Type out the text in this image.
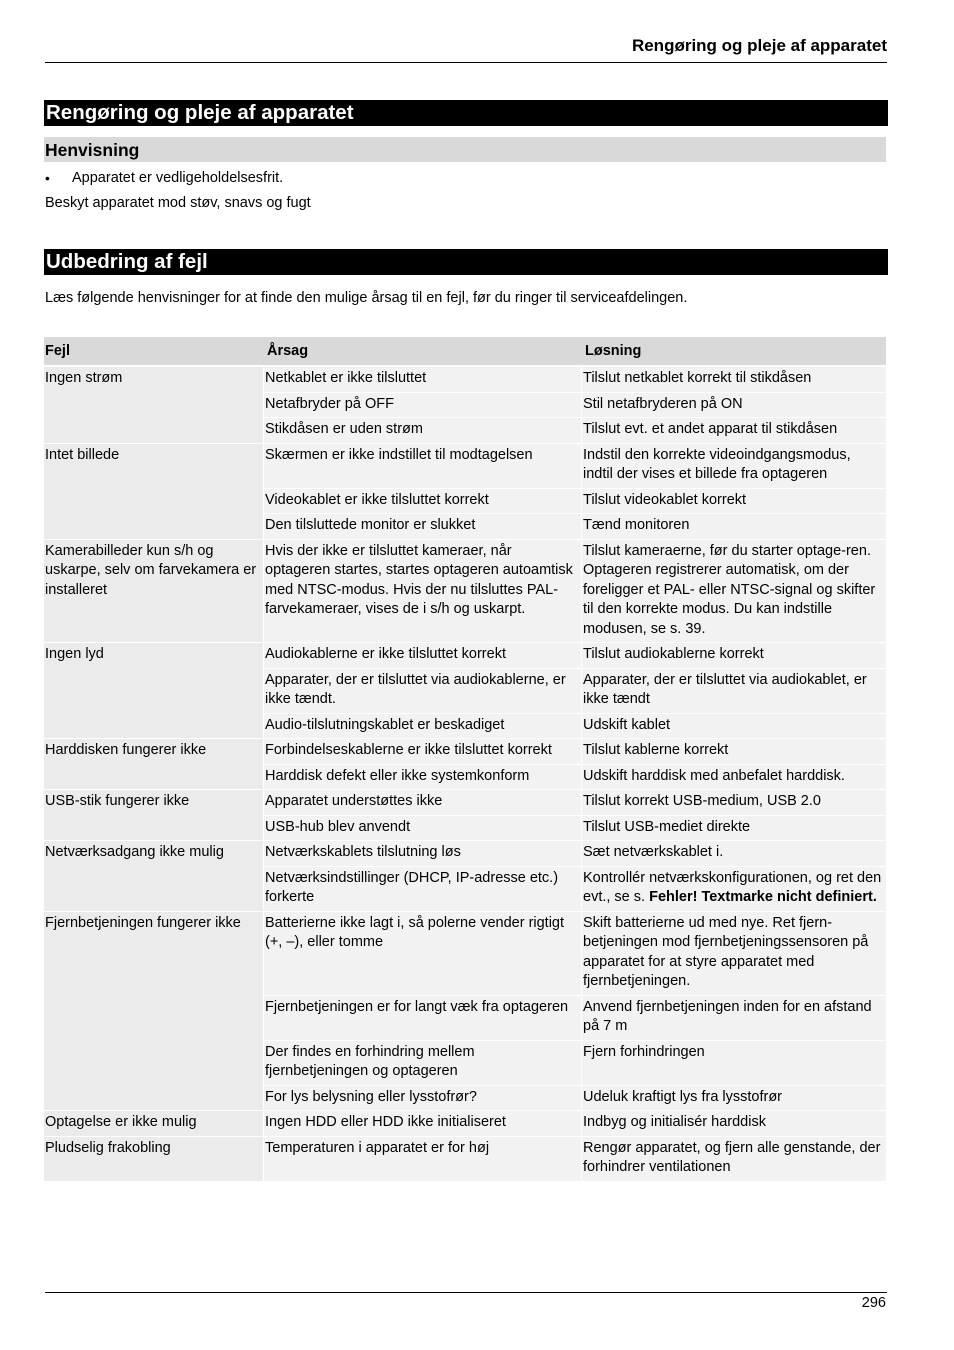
Rengøring og pleje af apparatet
Rengøring og pleje af apparatet
Henvisning
• Apparatet er vedligeholdelsesfrit.
Beskyt apparatet mod støv, snavs og fugt
Udbedring af fejl
Læs følgende henvisninger for at finde den mulige årsag til en fejl, før du ringer til serviceafdelingen.
Fejl	Årsag	Løsning
Ingen strøm	Netkablet er ikke tilsluttet	Tilslut netkablet korrekt til stikdåsen
	Netafbryder på OFF	Stil netafbryderen på ON
	Stikdåsen er uden strøm	Tilslut evt. et andet apparat til stikdåsen
Intet billede	Skærmen er ikke indstillet til modtagelsen	Indstil den korrekte videoindgangsmodus, indtil der vises et billede fra optageren
	Videokablet er ikke tilsluttet korrekt	Tilslut videokablet korrekt
	Den tilsluttede monitor er slukket	Tænd monitoren
Kamerabilleder kun s/h og uskarpe, selv om farvekamera er installeret	Hvis der ikke er tilsluttet kameraer, når optageren startes, startes optageren autoamtisk med NTSC-modus. Hvis der nu tilsluttes PAL-farvekameraer, vises de i s/h og uskarpt.	Tilslut kameraerne, før du starter optage-ren. Optageren registrerer automatisk, om der foreligger et PAL- eller NTSC-signal og skifter til den korrekte modus. Du kan indstille modusen, se s. 39.
Ingen lyd	Audiokablerne er ikke tilsluttet korrekt	Tilslut audiokablerne korrekt
	Apparater, der er tilsluttet via audiokablerne, er ikke tændt.	Apparater, der er tilsluttet via audiokablet, er ikke tændt
	Audio-tilslutningskablet er beskadiget	Udskift kablet
Harddisken fungerer ikke	Forbindelseskablerne er ikke tilsluttet korrekt	Tilslut kablerne korrekt
	Harddisk defekt eller ikke systemkonform	Udskift harddisk med anbefalet harddisk.
USB-stik fungerer ikke	Apparatet understøttes ikke	Tilslut korrekt USB-medium, USB 2.0
	USB-hub blev anvendt	Tilslut USB-mediet direkte
Netværksadgang ikke mulig	Netværkskablets tilslutning løs	Sæt netværkskablet i.
	Netværksindstillinger (DHCP, IP-adresse etc.) forkerte	Kontrollér netværkskonfigurationen, og ret den evt., se s. Fehler! Textmarke nicht definiert.
Fjernbetjeningen fungerer ikke	Batterierne ikke lagt i, så polerne vender rigtigt (+, –), eller tomme	Skift batterierne ud med nye. Ret fjern-betjeningen mod fjernbetjeningssensoren på apparatet for at styre apparatet med fjernbetjeningen.
	Fjernbetjeningen er for langt væk fra optageren	Anvend fjernbetjeningen inden for en afstand på 7 m
	Der findes en forhindring mellem fjernbetjeningen og optageren	Fjern forhindringen
	For lys belysning eller lysstofrør?	Udeluk kraftigt lys fra lysstofrør
Optagelse er ikke mulig	Ingen HDD eller HDD ikke initialiseret	Indbyg og initialisér harddisk
Pludselig frakobling	Temperaturen i apparatet er for høj	Rengør apparatet, og fjern alle genstande, der forhindrer ventilationen
296
